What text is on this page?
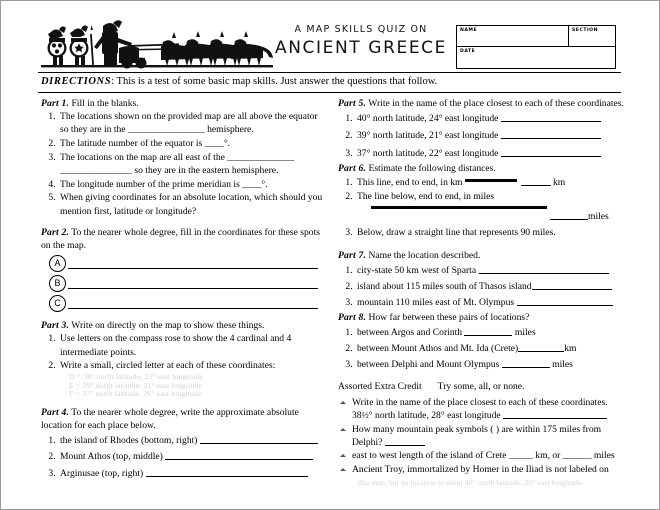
A MAP SKILLS QUIZ ON
ANCIENT GREECE
NAME	SECTION
DATE
DIRECTIONS: This is a test of some basic map skills. Just answer the questions that follow.
Part 1. Fill in the blanks.
1. The locations shown on the provided map are all above the equator so they are in the ________________ hemisphere.
2. The latitude number of the equator is ____°.
3. The locations on the map are all east of the ______________ _______________ so they are in the eastern hemisphere.
4. The longitude number of the prime meridian is ____°.
5. When giving coordinates for an absolute location, which should you mention first, latitude or longitude?
Part 2. To the nearer whole degree, fill in the coordinates for these spots on the map.
A
B
C
Part 3. Write on directly on the map to show these things.
1. Use letters on the compass rose to show the 4 cardinal and 4 intermediate points.
2. Write a small, circled letter at each of these coordinates:
D = 38° north latitude, 23° east longitude
E = 39° north latitude, 21° east longitude
F = 37° north latitude, 26° east longitude
Part 4. To the nearer whole degree, write the approximate absolute location for each place below.
1. the island of Rhodes (bottom, right)
2. Mount Athos (top, middle)
3. Arginusae (top, right)
Part 5. Write in the name of the place closest to each of these coordinates.
1. 40° north latitude, 24° east longitude
2. 39° north latitude, 21° east longitude
3. 37° north latitude, 22° east longitude
Part 6. Estimate the following distances.
1. This line, end to end, in km	km
2. The line below, end to end, in miles
miles
3. Below, draw a straight line that represents 90 miles.
Part 7. Name the location described.
1. city-state 50 km west of Sparta
2. island about 115 miles south of Thasos island
3. mountain 110 miles east of Mt. Olympus
Part 8. How far between these pairs of locations?
1. between Argos and Corinth	miles
2. between Mount Athos and Mt. Ida (Crete)	km
3. between Delphi and Mount Olympus	miles
Assorted Extra Credit Try some, all, or none.
Write in the name of the place closest to each of these coordinates.
38½° north latitude, 28° east longitude
How many mountain peak symbols ( ) are within 175 miles from
Delphi?
east to west length of the island of Crete _____ km, or ______ miles
Ancient Troy, immortalized by Homer in the Iliad is not labeled on
this map, but its location is about 40° north latitude, 26° east longitude.
